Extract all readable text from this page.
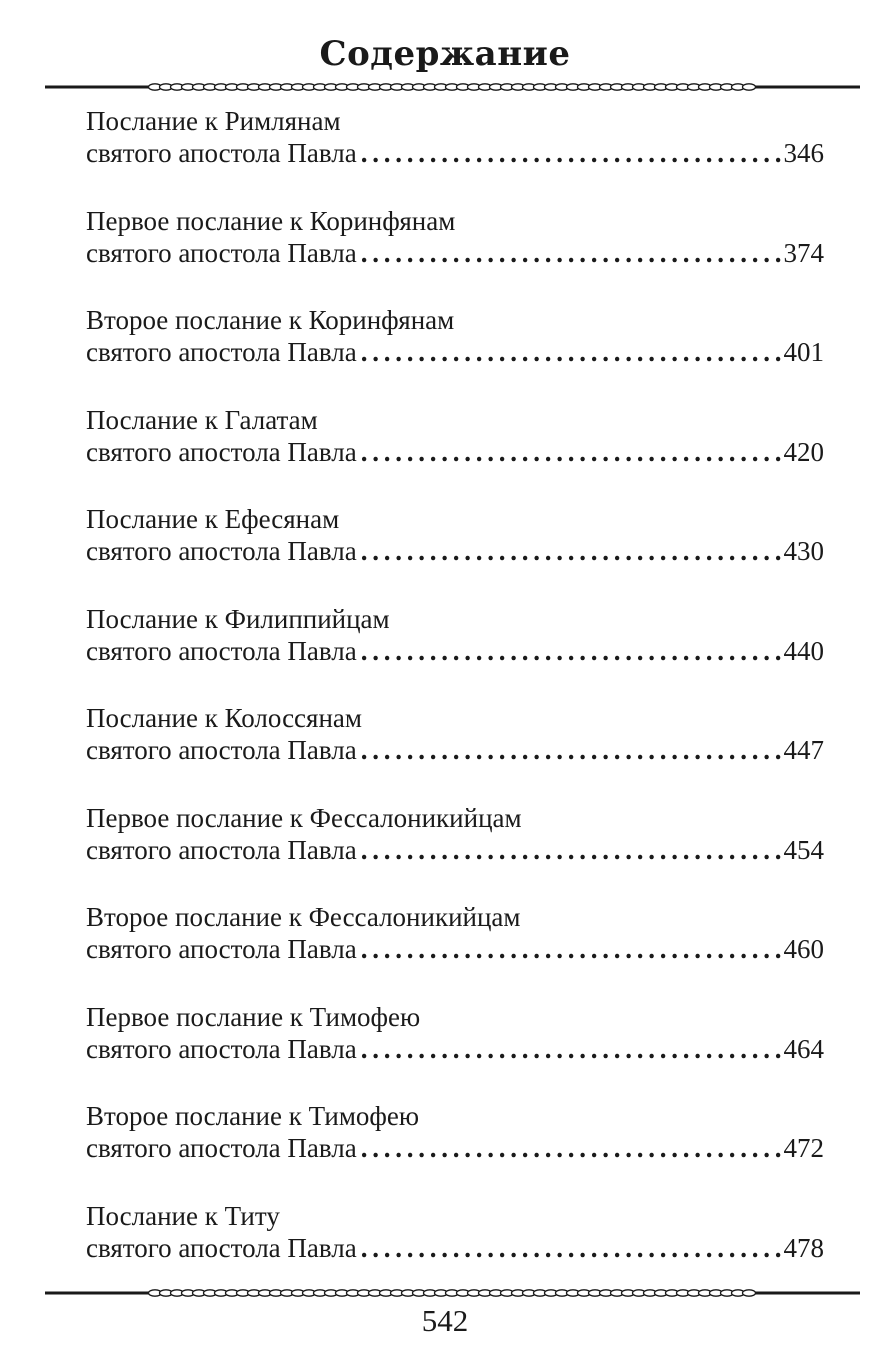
Содержание
Послание к Римлянам
святого апостола Павла . . .	346
Первое послание к Коринфянам
святого апостола Павла . . .	374
Второе послание к Коринфянам
святого апостола Павла . . .	401
Послание к Галатам
святого апостола Павла . . .	420
Послание к Ефесянам
святого апостола Павла . . .	430
Послание к Филиппийцам
святого апостола Павла . . .	440
Послание к Колоссянам
святого апостола Павла . . .	447
Первое послание к Фессалоникийцам
святого апостола Павла . . .	454
Второе послание к Фессалоникийцам
святого апостола Павла . . .	460
Первое послание к Тимофею
святого апостола Павла . . .	464
Второе послание к Тимофею
святого апостола Павла . . .	472
Послание к Титу
святого апостола Павла . . .	478
542
